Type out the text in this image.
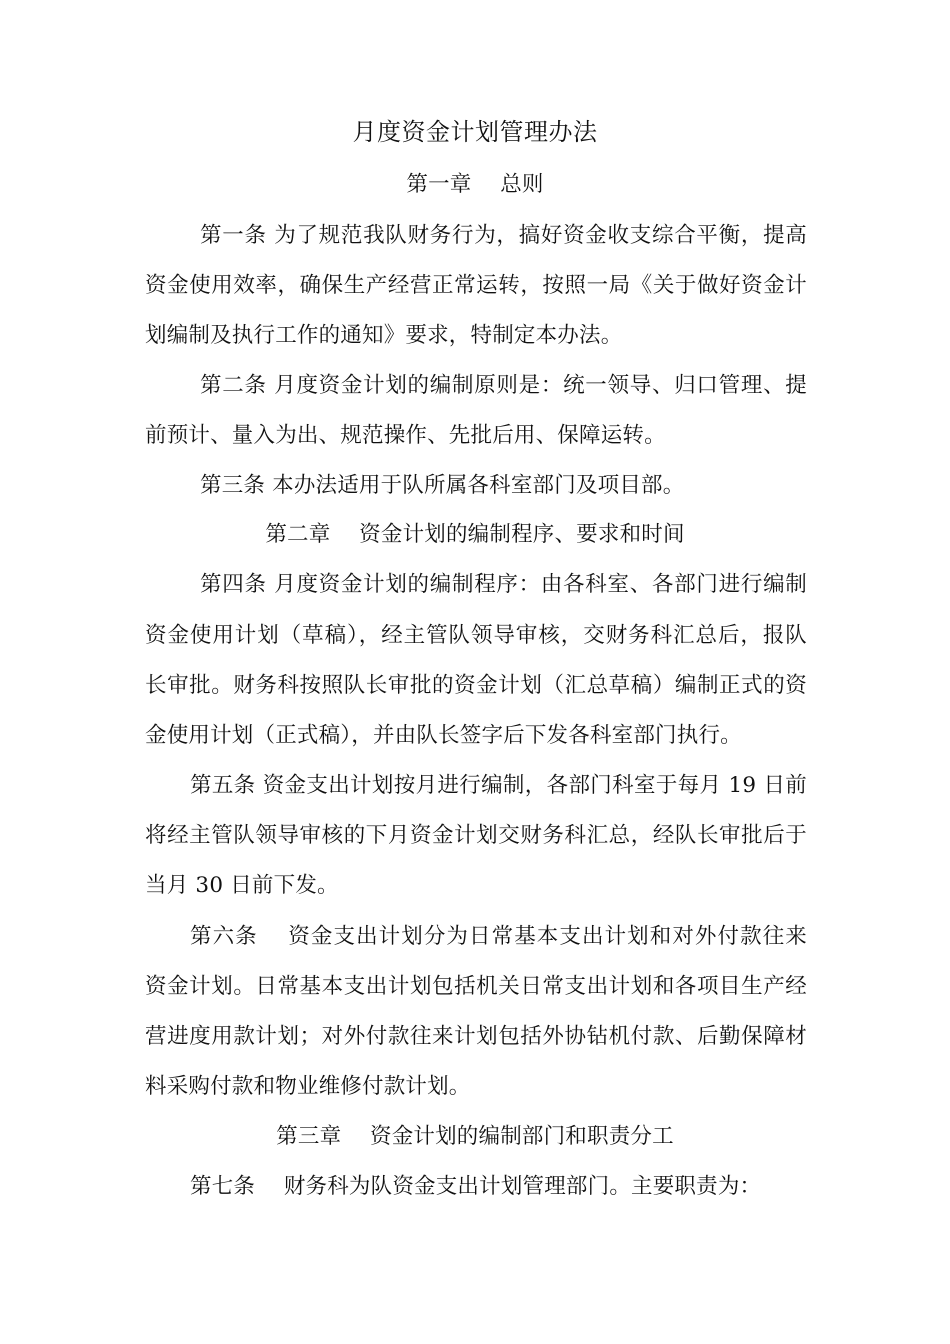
月度资金计划管理办法
第一章　 总则
第一条 为了规范我队财务行为，搞好资金收支综合平衡，提高
资金使用效率，确保生产经营正常运转，按照一局《关于做好资金计
划编制及执行工作的通知》要求，特制定本办法。
第二条 月度资金计划的编制原则是：统一领导、归口管理、提
前预计、量入为出、规范操作、先批后用、保障运转。
第三条 本办法适用于队所属各科室部门及项目部。
第二章　 资金计划的编制程序、要求和时间
第四条 月度资金计划的编制程序：由各科室、各部门进行编制
资金使用计划（草稿），经主管队领导审核，交财务科汇总后，报队
长审批。财务科按照队长审批的资金计划（汇总草稿）编制正式的资
金使用计划（正式稿），并由队长签字后下发各科室部门执行。
第五条 资金支出计划按月进行编制，各部门科室于每月 19 日前
将经主管队领导审核的下月资金计划交财务科汇总，经队长审批后于
当月 30 日前下发。
第六条　 资金支出计划分为日常基本支出计划和对外付款往来
资金计划。日常基本支出计划包括机关日常支出计划和各项目生产经
营进度用款计划；对外付款往来计划包括外协钻机付款、后勤保障材
料采购付款和物业维修付款计划。
第三章　 资金计划的编制部门和职责分工
第七条　 财务科为队资金支出计划管理部门。主要职责为：
